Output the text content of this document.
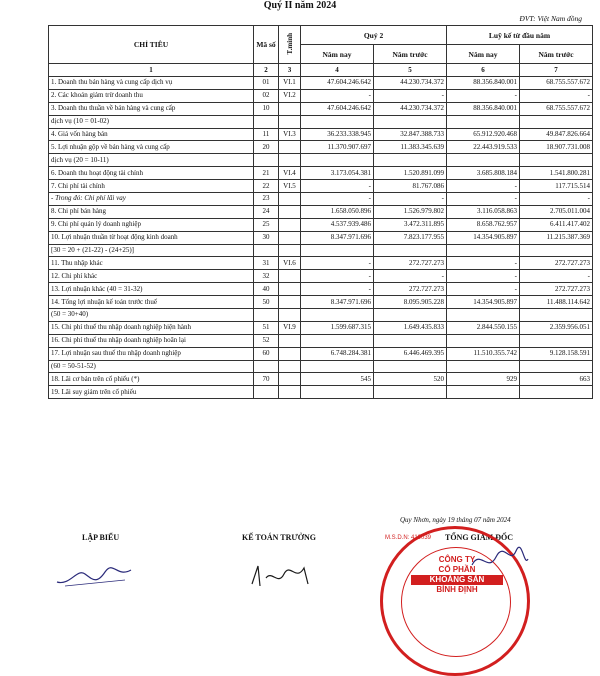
Quý II năm 2024
ĐVT: Việt Nam đồng
CHỈ TIÊU	Mã số	T.minh	Quý 2		Luỹ kế từ đầu năm	
			Năm nay	Năm trước	Năm nay	Năm trước
1	2	3	4	5	6	7
1. Doanh thu bán hàng và cung cấp dịch vụ	01	VI.1	47.604.246.642	44.230.734.372	88.356.840.001	68.755.557.672
2. Các khoản giảm trừ doanh thu	02	VI.2	-	-	-	-
3. Doanh thu thuần về bán hàng và cung cấp	10		47.604.246.642	44.230.734.372	88.356.840.001	68.755.557.672
dịch vụ (10 = 01-02)						
4. Giá vốn hàng bán	11	VI.3	36.233.338.945	32.847.388.733	65.912.920.468	49.847.826.664
5. Lợi nhuận gộp về bán hàng và cung cấp	20		11.370.907.697	11.383.345.639	22.443.919.533	18.907.731.008
dịch vụ (20 = 10-11)						
6. Doanh thu hoạt động tài chính	21	VI.4	3.173.054.381	1.520.891.099	3.685.808.184	1.541.800.281
7. Chi phí tài chính	22	VI.5	-	81.767.086	-	117.715.514
- Trong đó: Chi phí lãi vay	23		-	-	-	-
8. Chi phí bán hàng	24		1.658.050.896	1.526.979.802	3.116.058.863	2.705.011.004
9. Chi phí quản lý doanh nghiệp	25		4.537.939.486	3.472.311.895	8.658.762.957	6.411.417.402
10. Lợi nhuận thuần từ hoạt động kinh doanh	30		8.347.971.696	7.823.177.955	14.354.905.897	11.215.387.369
[30 = 20 + (21-22) - (24+25)]						
11. Thu nhập khác	31	VI.6	-	272.727.273	-	272.727.273
12. Chi phí khác	32		-	-	-	-
13. Lợi nhuận khác (40 = 31-32)	40		-	272.727.273	-	272.727.273
14. Tổng lợi nhuận kế toán trước thuế	50		8.347.971.696	8.095.905.228	14.354.905.897	11.488.114.642
(50 = 30+40)						
15. Chi phí thuế thu nhập doanh nghiệp hiện hành	51	VI.9	1.599.687.315	1.649.435.833	2.844.550.155	2.359.956.051
16. Chi phí thuế thu nhập doanh nghiệp hoãn lại	52					
17. Lợi nhuận sau thuế thu nhập doanh nghiệp	60		6.748.284.381	6.446.469.395	11.510.355.742	9.128.158.591
(60 = 50-51-52)						
18. Lãi cơ bản trên cổ phiếu (*)	70		545	520	929	663
19. Lãi suy giảm trên cổ phiếu						
LẬP BIỂU	KẾ TOÁN TRƯỞNG	TỔNG GIÁM ĐỐC
Quy Nhơn, ngày 19 tháng 07 năm 2024
M.S.D.N: 410039
CÔNG TY
CỔ PHẦN
KHOÁNG SẢN
BÌNH ĐỊNH
